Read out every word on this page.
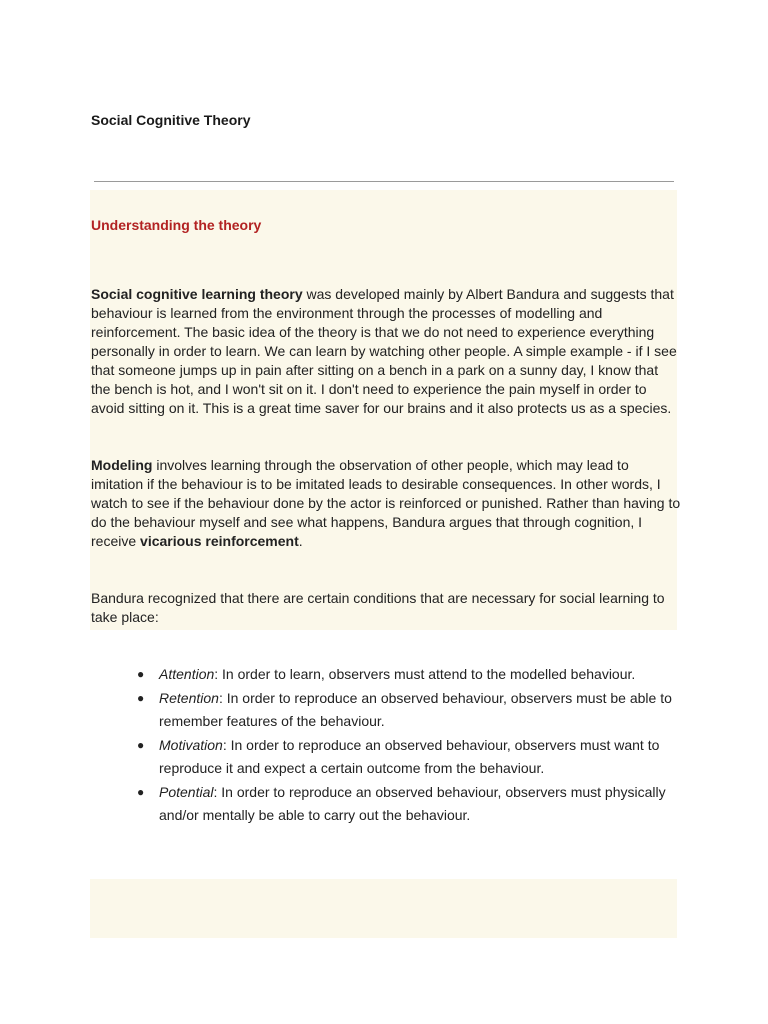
Social Cognitive Theory
Understanding the theory

Social cognitive learning theory was developed mainly by Albert Bandura and suggests that behaviour is learned from the environment through the processes of modelling and reinforcement. The basic idea of the theory is that we do not need to experience everything personally in order to learn. We can learn by watching other people. A simple example - if I see that someone jumps up in pain after sitting on a bench in a park on a sunny day, I know that the bench is hot, and I won't sit on it. I don't need to experience the pain myself in order to avoid sitting on it. This is a great time saver for our brains and it also protects us as a species.

Modeling involves learning through the observation of other people, which may lead to imitation if the behaviour is to be imitated leads to desirable consequences. In other words, I watch to see if the behaviour done by the actor is reinforced or punished. Rather than having to do the behaviour myself and see what happens, Bandura argues that through cognition, I receive vicarious reinforcement.

Bandura recognized that there are certain conditions that are necessary for social learning to take place:

● Attention: In order to learn, observers must attend to the modelled behaviour.
● Retention: In order to reproduce an observed behaviour, observers must be able to remember features of the behaviour.
● Motivation: In order to reproduce an observed behaviour, observers must want to reproduce it and expect a certain outcome from the behaviour.
● Potential: In order to reproduce an observed behaviour, observers must physically and/or mentally be able to carry out the behaviour.
